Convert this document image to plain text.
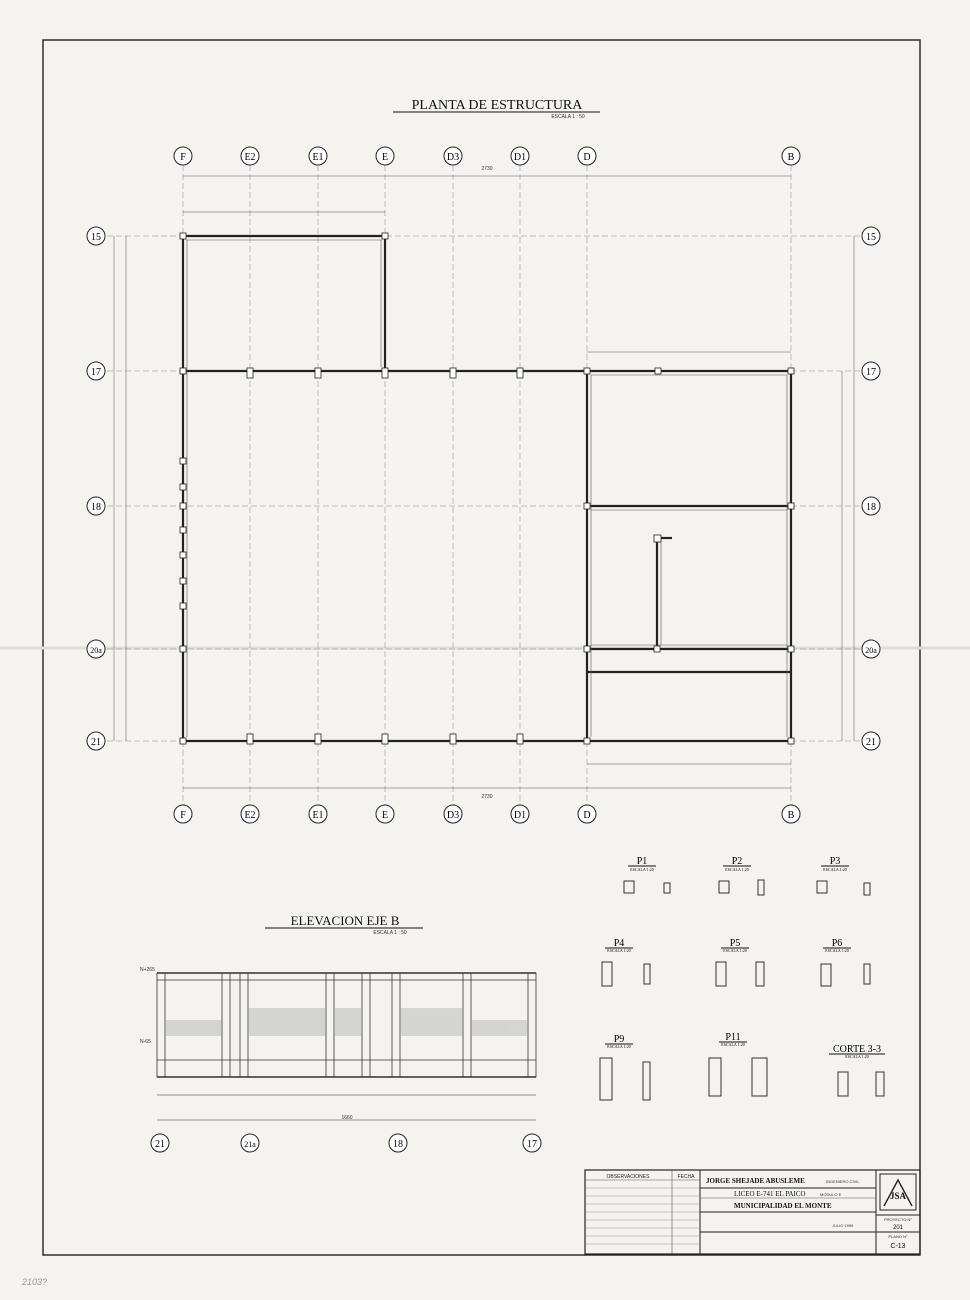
F	E2	E1	E	D3	D1	D	B
F	E2	E1	E	D3	D1	D	B
15
17
18
20a
21
15
17
18
20a
21
2730
2730
PLANTA DE ESTRUCTURA
ESCALA 1 : 50
ELEVACION EJE B
ESCALA 1 : 50
N+265
N-65
1660
21	21a	18	17
P1
ESCALA 1:20
P2
ESCALA 1:20
P3
ESCALA 1:20
P4
ESCALA 1:20
P5
ESCALA 1:20
P6
ESCALA 1:20
P9
ESCALA 1:20
P11
ESCALA 1:20	CORTE 3-3
ESCALA 1:20
OBSERVACIONES	FECHA JORGE SHEJADE ABUSLEME	INGENIERO CIVIL
LICEO E-741 EL PAICO	MODULO E
MUNICIPALIDAD EL MONTE
JULIO 1999
JSA
PROYECTO N°
201
PLANO N°
C-13
2103?
